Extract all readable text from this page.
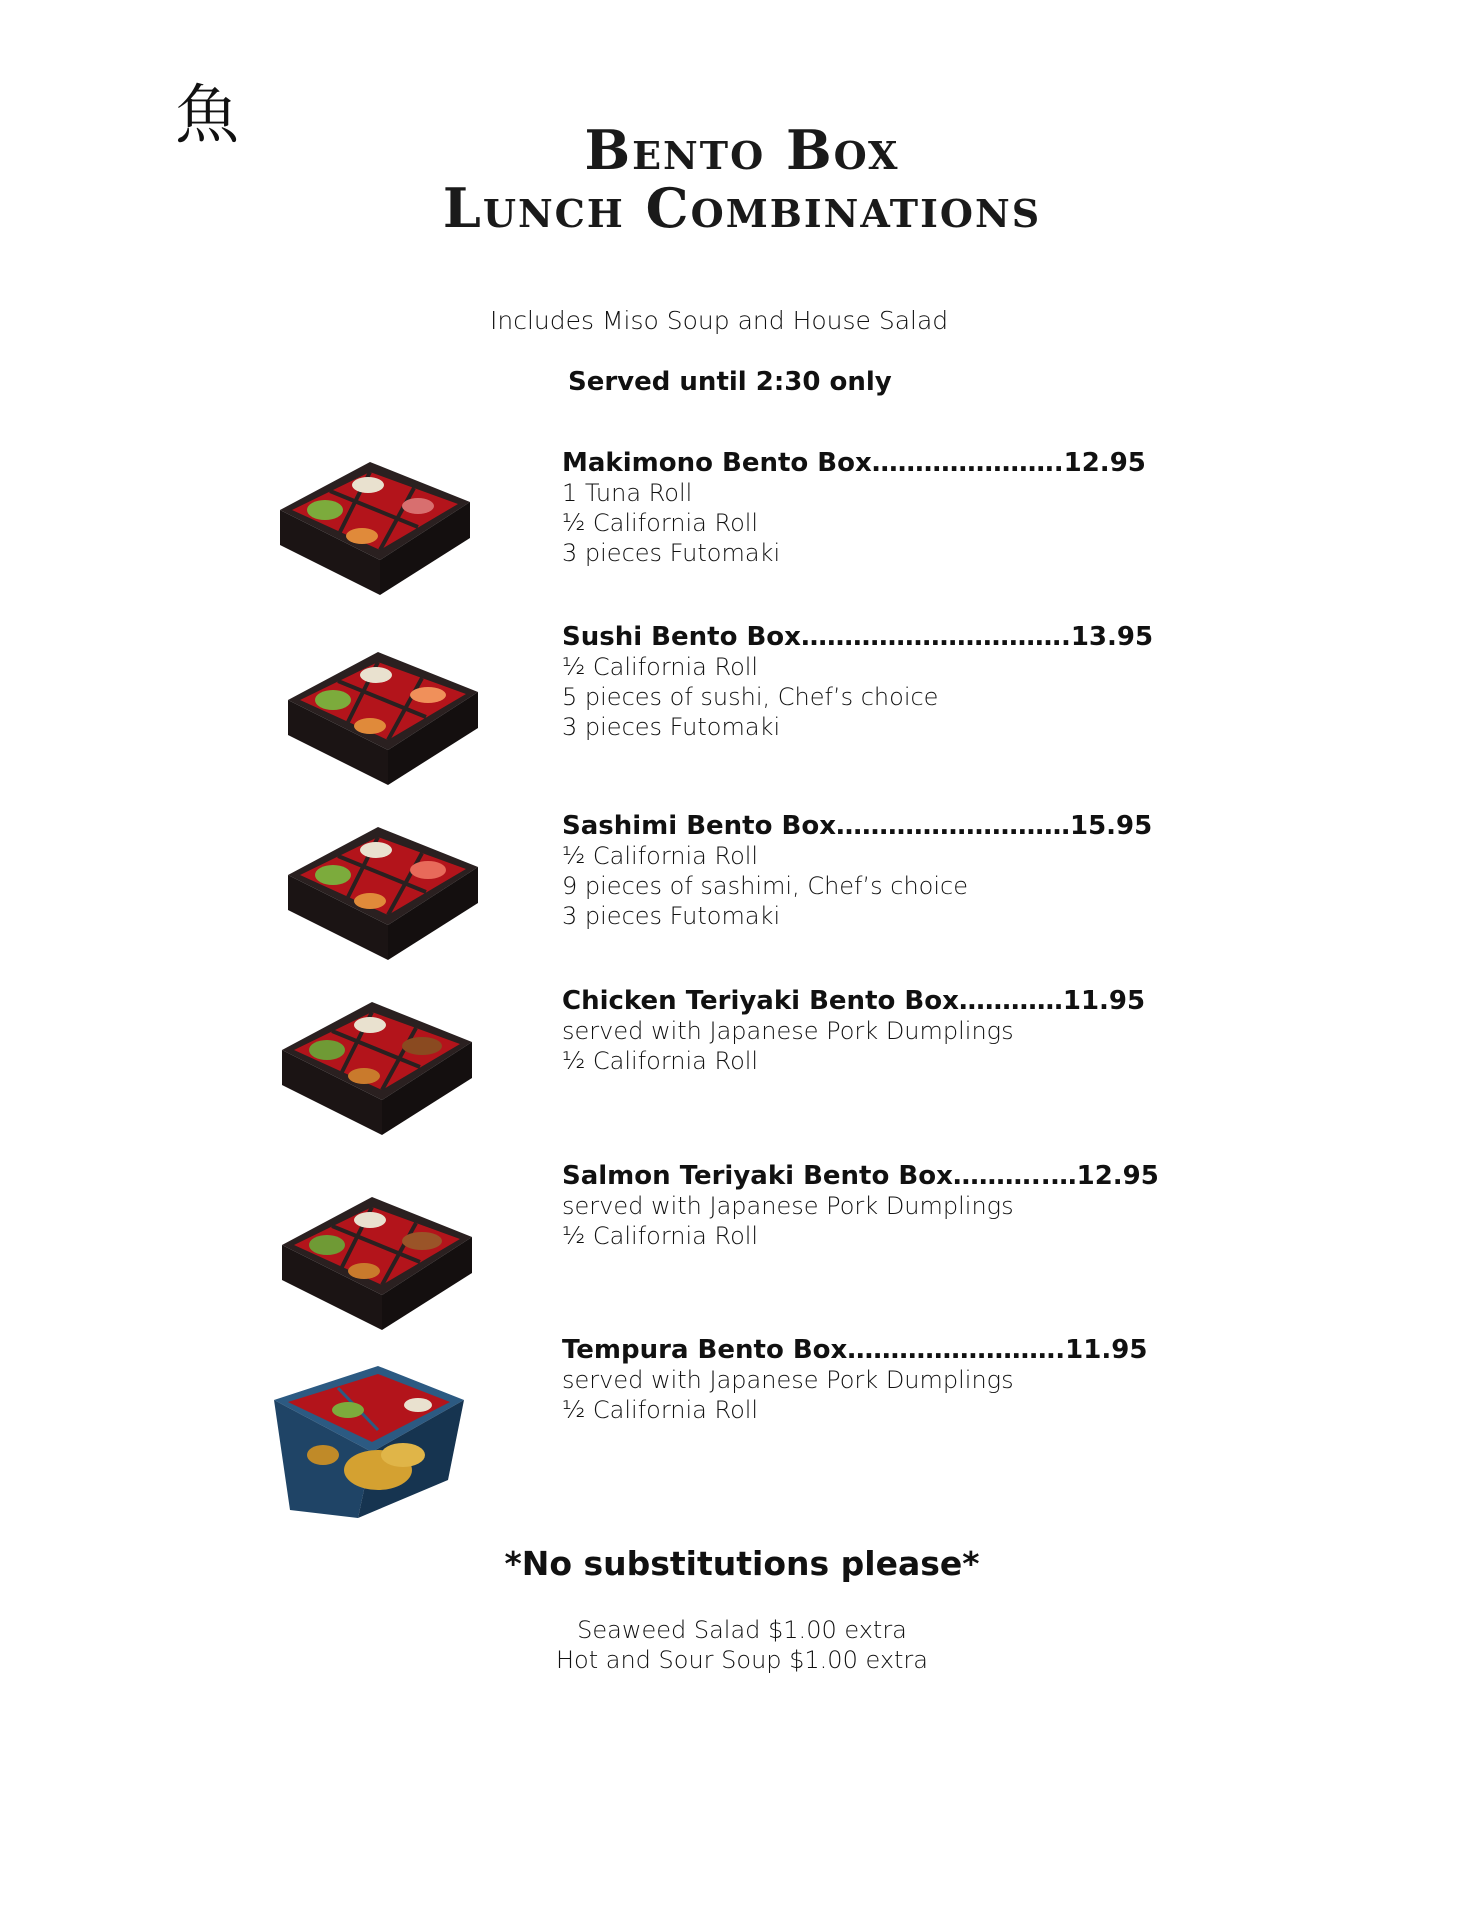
魚	Bento Box
Lunch Combinations
Includes Miso Soup and House Salad
Served until 2:30 only
Makimono Bento Box………………….12.95
1 Tuna Roll
½ California Roll
3 pieces Futomaki
Sushi Bento Box………………………….13.95
½ California Roll
5 pieces of sushi, Chef’s choice
3 pieces Futomaki
Sashimi Bento Box………………………15.95
½ California Roll
9 pieces of sashimi, Chef’s choice
3 pieces Futomaki
Chicken Teriyaki Bento Box…………11.95
served with Japanese Pork Dumplings
½ California Roll
Salmon Teriyaki Bento Box………..…12.95
served with Japanese Pork Dumplings
½ California Roll
Tempura Bento Box…………………….11.95
served with Japanese Pork Dumplings
½ California Roll
*No substitutions please*
Seaweed Salad $1.00 extra
Hot and Sour Soup $1.00 extra
